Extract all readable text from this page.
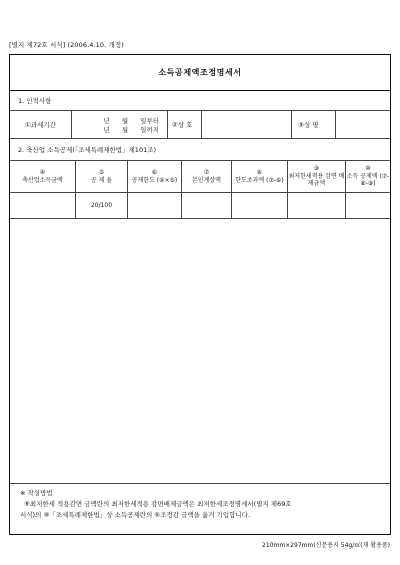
[별지 제72호 서식] (2006.4.10. 개정)
소득공제액조정명세서
1. 인적사항
①과세기간
년 월 일부터
년 월 일까지
②상 호	③성 명
2. 축산업 소득공제(「조세특례제한법」제101조)
④
축산업소득금액
⑤
공 제 율
⑥
공제한도 (④×⑤)
⑦
본인계상액
⑧
한도초과액 (⑦-⑥)
⑨
최저한세적용 감면 배제금액
⑩
소득 공제액 (⑦-⑧-⑨)
20/100
※ 작성방법
⑨최저한세 적용감면 금액란의 최저한세적용 감면배제금액은 최저한세조정명세서(별지 제69호
서식)의 ⑨「조세특례제한법」상 소득공제란의 ⑤조정감 금액을 옮겨 기입합니다.
210mm×297mm(신문용지 54g/㎡(재 활용품)
